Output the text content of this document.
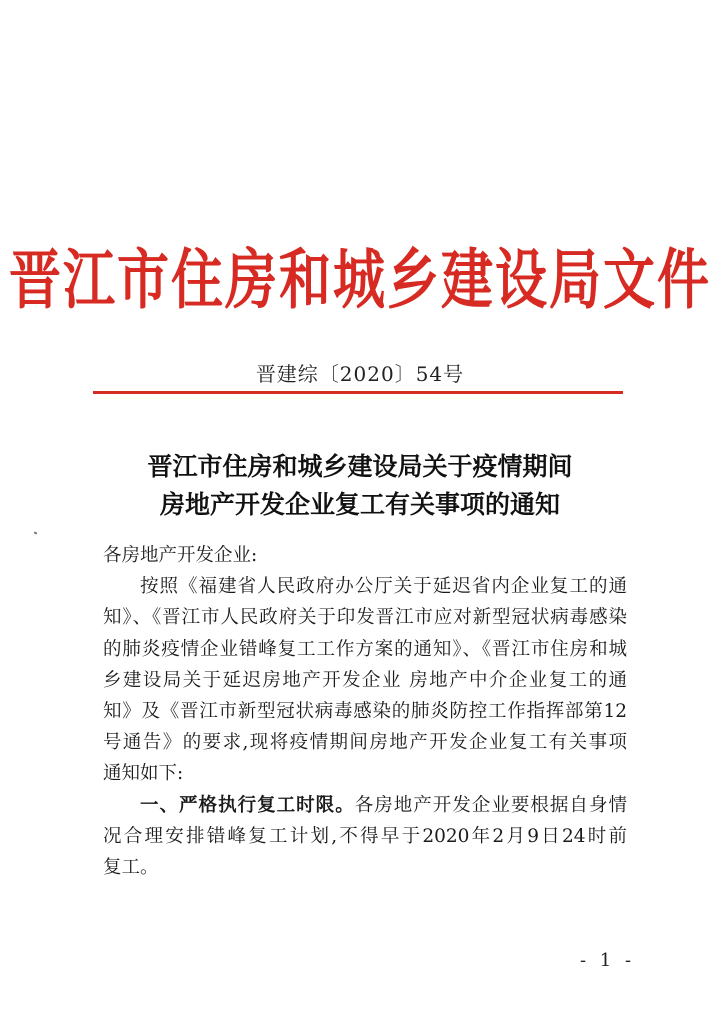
晋江市住房和城乡建设局文件
晋建综〔2020〕54号
晋江市住房和城乡建设局关于疫情期间
房地产开发企业复工有关事项的通知
各房地产开发企业:
按照《福建省人民政府办公厅关于延迟省内企业复工的通
知》、《晋江市人民政府关于印发晋江市应对新型冠状病毒感染
的肺炎疫情企业错峰复工工作方案的通知》、《晋江市住房和城
乡建设局关于延迟房地产开发企业 房地产中介企业复工的通
知》及《晋江市新型冠状病毒感染的肺炎防控工作指挥部第12
号通告》的要求,现将疫情期间房地产开发企业复工有关事项
通知如下:
一、严格执行复工时限。各房地产开发企业要根据自身情
况合理安排错峰复工计划,不得早于2020年2月9日24时前
复工。
- 1 -
